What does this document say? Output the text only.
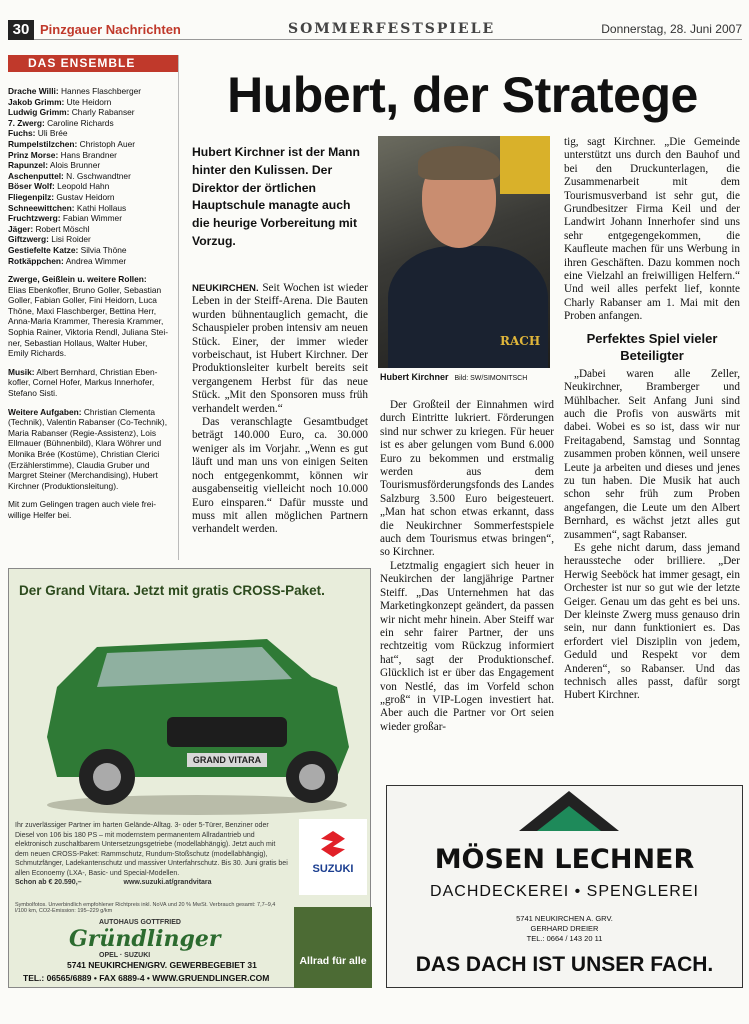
30 Pinzgauer Nachrichten	SOMMERFESTSPIELE	Donnerstag, 28. Juni 2007
DAS ENSEMBLE
Drache Willi: Hannes Flaschberger
Jakob Grimm: Ute Heidorn
Ludwig Grimm: Charly Rabanser
7. Zwerg: Caroline Richards
Fuchs: Uli Brée
Rumpelstilzchen: Christoph Auer
Prinz Morse: Hans Brandner
Rapunzel: Alois Brunner
Aschenputtel: N. Gschwandtner
Böser Wolf: Leopold Hahn
Fliegenpilz: Gustav Heidorn
Schneewittchen: Kathi Hollaus
Fruchtzwerg: Fabian Wimmer
Jäger: Robert Möschl
Giftzwerg: Lisi Roider
Gestiefelte Katze: Silvia Thöne
Rotkäppchen: Andrea Wimmer
Zwerge, Geißlein u. weitere Rollen:
Elias Ebenkofler, Bruno Goller, Sebastian
Goller, Fabian Goller, Fini Heidorn, Luca
Thöne, Maxi Flaschberger, Bettina Herr,
Anna-Maria Krammer, Theresia Krammer,
Sophia Rainer, Viktoria Rendl, Juliana Stei-
ner, Sebastian Hollaus, Walter Huber,
Emily Richards.
Musik: Albert Bernhard, Christian Eben-
kofler, Cornel Hofer, Markus Innerhofer,
Stefano Sisti.
Weitere Aufgaben: Christian Clementa
(Technik), Valentin Rabanser (Co-Technik),
Maria Rabanser (Regie-Assistenz), Lois
Ellmauer (Bühnenbild), Klara Wöhrer und
Monika Brée (Kostüme), Christian Clerici
(Erzählerstimme), Claudia Gruber und
Margret Steiner (Merchandising), Hubert
Kirchner (Produktionsleitung).
Mit zum Gelingen tragen auch viele frei-
willige Helfer bei.
Hubert, der Stratege
Hubert Kirchner ist der Mann hinter den Kulissen. Der Direktor der örtlichen Hauptschule managte auch die heurige Vorbereitung mit Vorzug.

NEUKIRCHEN. Seit Wochen ist wieder Leben in der Steiff-Arena. Die Bauten wurden bühnentauglich gemacht, die Schauspieler proben intensiv am neuen Stück. Einer, der immer wieder vorbeischaut, ist Hubert Kirchner. Der Produktionsleiter kurbelt bereits seit vergangenem Herbst für das neue Stück. „Mit den Sponsoren muss früh verhandelt werden.“

Das veranschlagte Gesamtbudget beträgt 140.000 Euro, ca. 30.000 weniger als im Vorjahr. „Wenn es gut läuft und man uns von einigen Seiten noch entgegenkommt, können wir ausgabenseitig vielleicht noch 10.000 Euro einsparen.“ Dafür musste und muss mit allen möglichen Partnern verhandelt werden.

RACH
Hubert Kirchner Bild: SW/SIMONITSCH

Der Großteil der Einnahmen wird durch Eintritte lukriert. Förderungen sind nur schwer zu kriegen. Für heuer ist es aber gelungen vom Bund 6.000 Euro zu bekommen und erstmalig werden aus dem Tourismusförderungsfonds des Landes Salzburg 3.500 Euro beigesteuert. „Man hat schon etwas erkannt, dass die Neukirchner Sommerfestspiele auch dem Tourismus etwas bringen“, so Kirchner.

Letztmalig engagiert sich heuer in Neukirchen der langjährige Partner Steiff. „Das Unternehmen hat das Marketingkonzept geändert, da passen wir nicht mehr hinein. Aber Steiff war ein sehr fairer Partner, der uns rechtzeitig vom Rückzug informiert hat“, sagt der Produktionschef. Glücklich ist er über das Engagement von Nestlé, das im Vorfeld schon „groß“ in VIP-Logen investiert hat. Aber auch die Partner vor Ort seien wieder großar-

tig, sagt Kirchner. „Die Gemeinde unterstützt uns durch den Bauhof und bei den Druckunterlagen, die Zusammenarbeit mit dem Tourismusverband ist sehr gut, die Grundbesitzer Firma Keil und der Landwirt Johann Innerhofer sind uns sehr entgegengekommen, die Kaufleute machen für uns Werbung in ihren Geschäften. Dazu kommen noch eine Vielzahl an freiwilligen Helfern.“ Und weil alles perfekt lief, konnte Charly Rabanser am 1. Mai mit den Proben anfangen.

Perfektes Spiel vieler Beteiligter

„Dabei waren alle Zeller, Neukirchner, Bramberger und Mühlbacher. Seit Anfang Juni sind auch die Profis von auswärts mit dabei. Wobei es so ist, dass wir nur Freitagabend, Samstag und Sonntag zusammen proben können, weil unsere Leute ja arbeiten und dieses und jenes zu tun haben. Die Musik hat auch schon sehr früh zum Proben angefangen, die Leute um den Albert Bernhard, es wächst jetzt alles gut zusammen“, sagt Rabanser.

Es gehe nicht darum, dass jemand heraussteche oder brilliere. „Der Herwig Seeböck hat immer gesagt, ein Orchester ist nur so gut wie der letzte Geiger. Genau um das geht es bei uns. Der kleinste Zwerg muss genauso drin sein, nur dann funktioniert es. Das erfordert viel Disziplin von jedem, Geduld und Respekt vor dem Anderen“, so Rabanser. Und das technisch alles passt, dafür sorgt Hubert Kirchner.

Der Grand Vitara. Jetzt mit gratis CROSS-Paket.
GRAND VITARA
Ihr zuverlässiger Partner im harten Gelände-Alltag. 3- oder 5-Türer, Benziner oder Diesel von 106 bis 180 PS – mit modernstem permanentem Allradantrieb und elektronisch zuschaltbarem Untersetzungsgetriebe (modellabhängig). Jetzt auch mit dem neuen CROSS-Paket: Rammschutz, Rundum-Stoßschutz (modellabhängig), Schmutzfänger, Ladekantenschutz und massiver Unterfahrschutz. Bis 30. Juni gratis bei allen Econoemy (LXA-, Basic- und Special-Modellen.
Schon ab € 20.590,–	www.suzuki.at/grandvitara
SUZUKI
Symbolfotos. Unverbindlich empfohlener Richtpreis inkl. NoVA und 20 % MwSt. Verbrauch gesamt: 7,7–9,4 l/100 km, CO2-Emission: 195–229 g/km
AUTOHAUS GOTTFRIED
Gründlinger
OPEL · SUZUKI
5741 NEUKIRCHEN/GRV. GEWERBEGEBIET 31
TEL.: 06565/6889 • FAX 6889-4 • WWW.GRUENDLINGER.COM
Allrad für alle
MÖSEN LECHNER
DACHDECKEREI • SPENGLEREI
5741 NEUKIRCHEN A. GRV.
GERHARD DREIER
TEL.: 0664 / 143 20 11
DAS DACH IST UNSER FACH.
